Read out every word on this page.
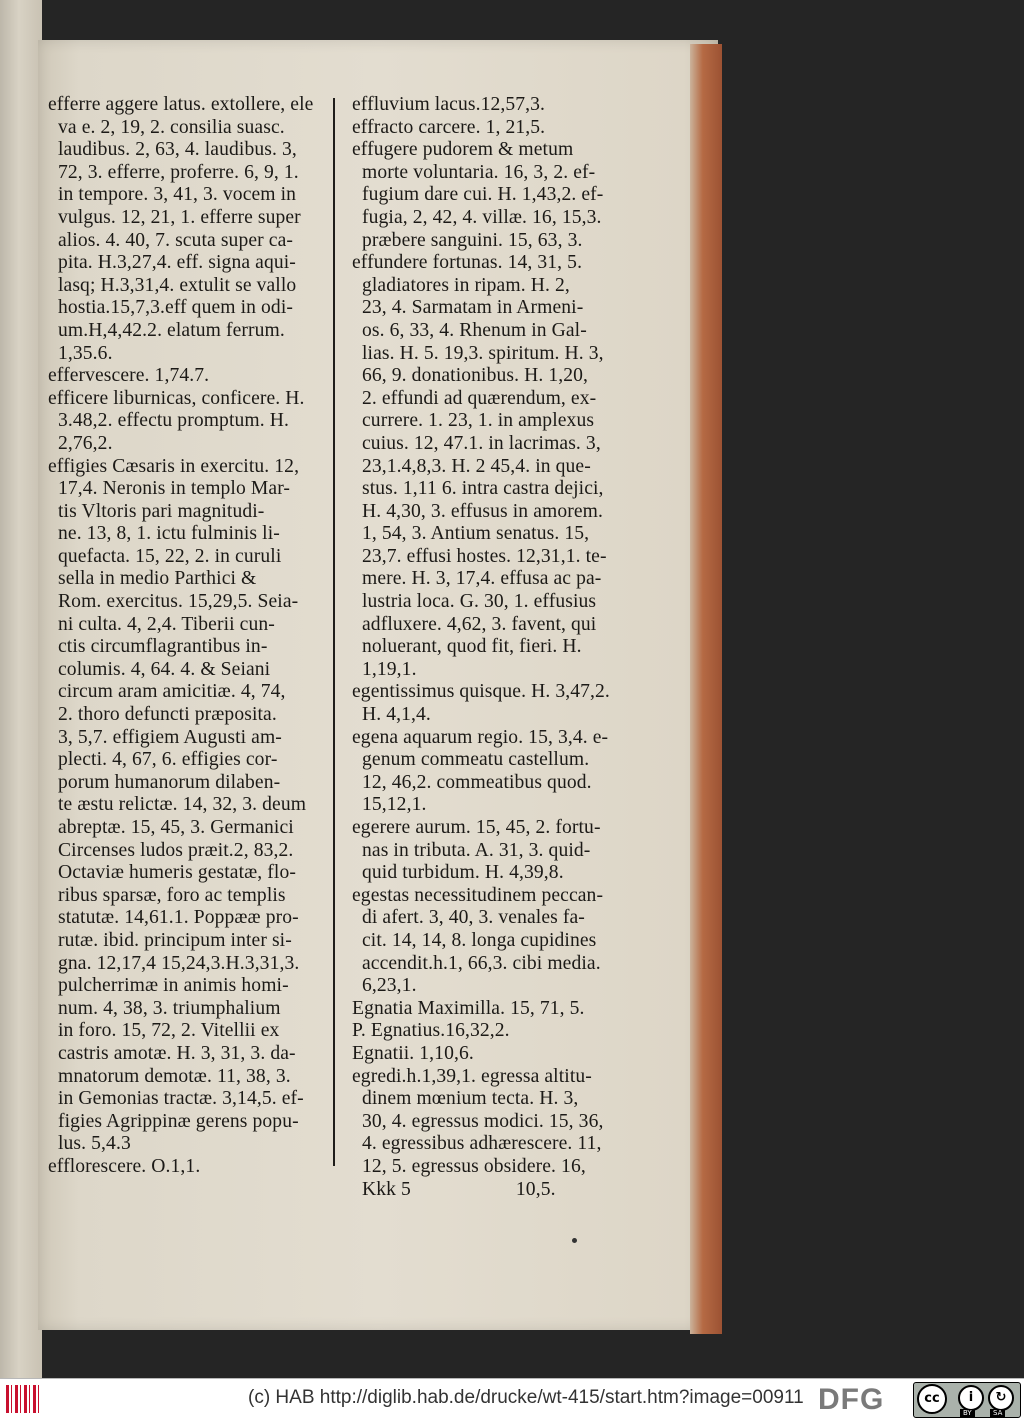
efferre aggere latus. extollere, ele
va e. 2, 19, 2. consilia suasc.
laudibus. 2, 63, 4. laudibus. 3,
72, 3. efferre, proferre. 6, 9, 1.
in tempore. 3, 41, 3. vocem in
vulgus. 12, 21, 1. efferre super
alios. 4. 40, 7. scuta super ca-
pita. H.3,27,4. eff. signa aqui-
lasq; H.3,31,4. extulit se vallo
hostia.15,7,3.eff quem in odi-
um.H,4,42.2. elatum ferrum.
1,35.6.
effervescere. 1,74.7.
efficere liburnicas, conficere. H.
3.48,2. effectu promptum. H.
2,76,2.
effigies Cæsaris in exercitu. 12,
17,4. Neronis in templo Mar-
tis Vltoris pari magnitudi-
ne. 13, 8, 1. ictu fulminis li-
quefacta. 15, 22, 2. in curuli
sella in medio Parthici &
Rom. exercitus. 15,29,5. Seia-
ni culta. 4, 2,4. Tiberii cun-
ctis circumflagrantibus in-
columis. 4, 64. 4. & Seiani
circum aram amicitiæ. 4, 74,
2. thoro defuncti præposita.
3, 5,7. effigiem Augusti am-
plecti. 4, 67, 6. effigies cor-
porum humanorum dilaben-
te æstu relictæ. 14, 32, 3. deum
abreptæ. 15, 45, 3. Germanici
Circenses ludos præit.2, 83,2.
Octaviæ humeris gestatæ, flo-
ribus sparsæ, foro ac templis
statutæ. 14,61.1. Poppææ pro-
rutæ. ibid. principum inter si-
gna. 12,17,4 15,24,3.H.3,31,3.
pulcherrimæ in animis homi-
num. 4, 38, 3. triumphalium
in foro. 15, 72, 2. Vitellii ex
castris amotæ. H. 3, 31, 3. da-
mnatorum demotæ. 11, 38, 3.
in Gemonias tractæ. 3,14,5. ef-
figies Agrippinæ gerens popu-
lus. 5,4.3
efflorescere. O.1,1.
effluvium lacus.12,57,3.
effracto carcere. 1, 21,5.
effugere pudorem & metum
morte voluntaria. 16, 3, 2. ef-
fugium dare cui. H. 1,43,2. ef-
fugia, 2, 42, 4. villæ. 16, 15,3.
præbere sanguini. 15, 63, 3.
effundere fortunas. 14, 31, 5.
gladiatores in ripam. H. 2,
23, 4. Sarmatam in Armeni-
os. 6, 33, 4. Rhenum in Gal-
lias. H. 5. 19,3. spiritum. H. 3,
66, 9. donationibus. H. 1,20,
2. effundi ad quærendum, ex-
currere. 1. 23, 1. in amplexus
cuius. 12, 47.1. in lacrimas. 3,
23,1.4,8,3. H. 2 45,4. in que-
stus. 1,11 6. intra castra dejici,
H. 4,30, 3. effusus in amorem.
1, 54, 3. Antium senatus. 15,
23,7. effusi hostes. 12,31,1. te-
mere. H. 3, 17,4. effusa ac pa-
lustria loca. G. 30, 1. effusius
adfluxere. 4,62, 3. favent, qui
noluerant, quod fit, fieri. H.
1,19,1.
egentissimus quisque. H. 3,47,2.
H. 4,1,4.
egena aquarum regio. 15, 3,4. e-
genum commeatu castellum.
12, 46,2. commeatibus quod.
15,12,1.
egerere aurum. 15, 45, 2. fortu-
nas in tributa. A. 31, 3. quid-
quid turbidum. H. 4,39,8.
egestas necessitudinem peccan-
di afert. 3, 40, 3. venales fa-
cit. 14, 14, 8. longa cupidines
accendit.h.1, 66,3. cibi media.
6,23,1.
Egnatia Maximilla. 15, 71, 5.
P. Egnatius.16,32,2.
Egnatii. 1,10,6.
egredi.h.1,39,1. egressa altitu-
dinem mœnium tecta. H. 3,
30, 4. egressus modici. 15, 36,
4. egressibus adhærescere. 11,
12, 5. egressus obsidere. 16,
Kkk 5                     10,5.
(c) HAB http://diglib.hab.de/drucke/wt-415/start.htm?image=00911 DFG	cc	i	↻
BY	SA
